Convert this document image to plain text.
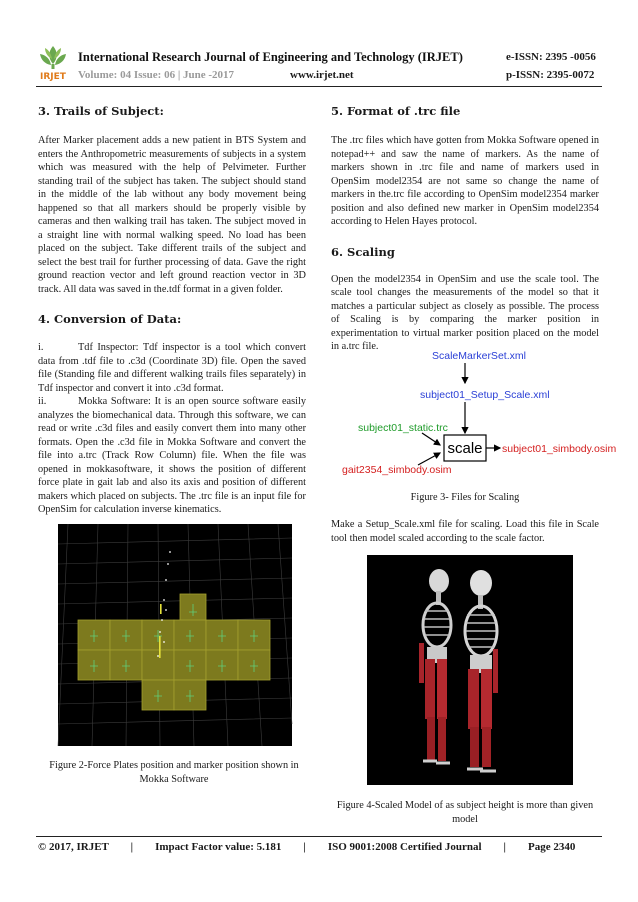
IRJET
International Research Journal of Engineering and Technology (IRJET)	e-ISSN: 2395 -0056
Volume: 04 Issue: 06 | June -2017	www.irjet.net	p-ISSN: 2395-0072

3. Trails of Subject:

After Marker placement adds a new patient in BTS System and enters the Anthropometric measurements of subjects in a system which was measured with the help of Pelvimeter. Further standing trail of the subject has taken. The subject should stand in the middle of the lab without any body movement being happened so that all markers should be properly visible by cameras and then walking trail has taken. The subject moved in a straight line with normal walking speed. No load has been placed on the subject. Take different trails of the subject and select the best trail for further processing of data. Gave the right ground reaction vector and left ground reaction vector in 3D track. All data was saved in the.tdf format in a given folder.

4. Conversion of Data:

i.	Tdf Inspector: Tdf inspector is a tool which convert data from .tdf file to .c3d (Coordinate 3D) file. Open the saved file (Standing file and different walking trails files separately) in Tdf inspector and convert it into .c3d format.

ii.	Mokka Software: It is an open source software easily analyzes the biomechanical data. Through this software, we can read or write .c3d files and easily convert them into many other formats. Open the .c3d file in Mokka Software and convert the file into a.trc (Track Row Column) file. When the file was opened in mokkasoftware, it shows the position of different force plate in gait lab and also its axis and position of different makers which placed on subjects. The .trc file is an input file for OpenSim for calculation inverse kinematics.

Figure 2-Force Plates position and marker position shown in Mokka Software

5. Format of .trc file

The .trc files which have gotten from Mokka Software opened in notepad++ and saw the name of markers. As the name of markers shown in .trc file and name of markers used in OpenSim model2354 are not same so change the name of markers in the.trc file according to OpenSim model2354 marker position and also defined new marker in OpenSim model2354 according to Helen Hayes protocol.

6. Scaling

Open the model2354 in OpenSim and use the scale tool. The scale tool changes the measurements of the model so that it matches a particular subject as closely as possible. The process of Scaling is by comparing the marker position in experimentation to virtual marker position placed on the model in a.trc file.

ScaleMarkerSet.xml
subject01_Setup_Scale.xml
subject01_static.trc
scale subject01_simbody.osim
gait2354_simbody.osim
Figure 3- Files for Scaling
Make a Setup_Scale.xml file for scaling. Load this file in Scale tool then model scaled according to the scale factor.
Figure 4-Scaled Model of as subject height is more than given model
© 2017, IRJET | Impact Factor value: 5.181 | ISO 9001:2008 Certified Journal | Page 2340
